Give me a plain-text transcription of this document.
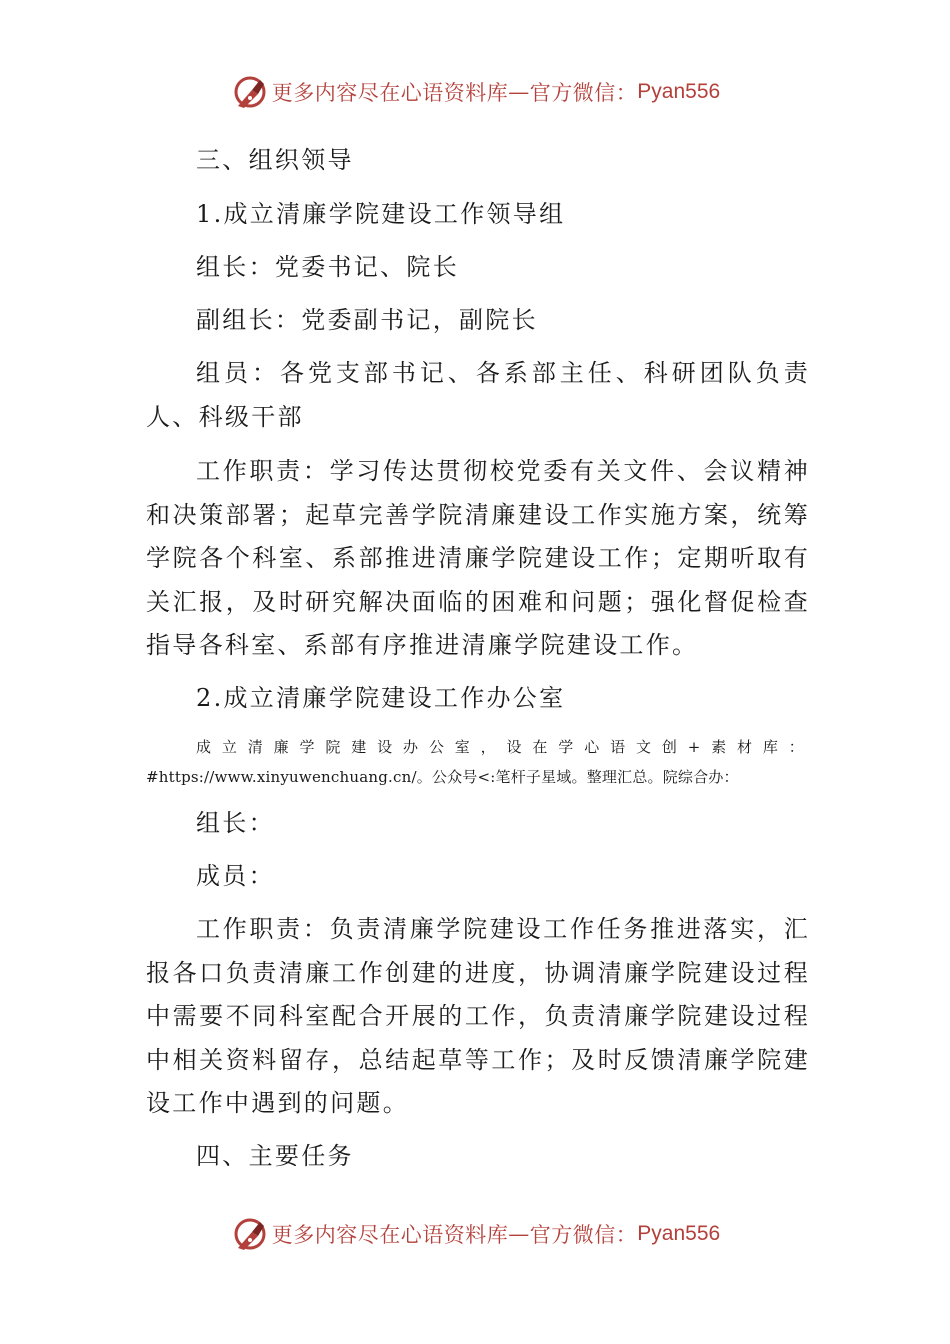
更多内容尽在心语资料库 — 官方微信： Pyan556

三、组织领导

1.成立清廉学院建设工作领导组

组长：党委书记、院长

副组长：党委副书记，副院长

组员：各党支部书记、各系部主任、科研团队负责人、科级干部

工作职责：学习传达贯彻校党委有关文件、会议精神和决策部署；起草完善学院清廉建设工作实施方案，统筹学院各个科室、系部推进清廉学院建设工作；定期听取有关汇报，及时研究解决面临的困难和问题；强化督促检查指导各科室、系部有序推进清廉学院建设工作。

2.成立清廉学院建设工作办公室

成立清廉学院建设办公室，设在学心语文创+素材库：#https://www.xinyuwenchuang.cn/。公众号<:笔杆子星域。整理汇总。院综合办：

组长：

成员：

工作职责：负责清廉学院建设工作任务推进落实，汇报各口负责清廉工作创建的进度，协调清廉学院建设过程中需要不同科室配合开展的工作，负责清廉学院建设过程中相关资料留存，总结起草等工作；及时反馈清廉学院建设工作中遇到的问题。

四、主要任务

更多内容尽在心语资料库 — 官方微信： Pyan556
